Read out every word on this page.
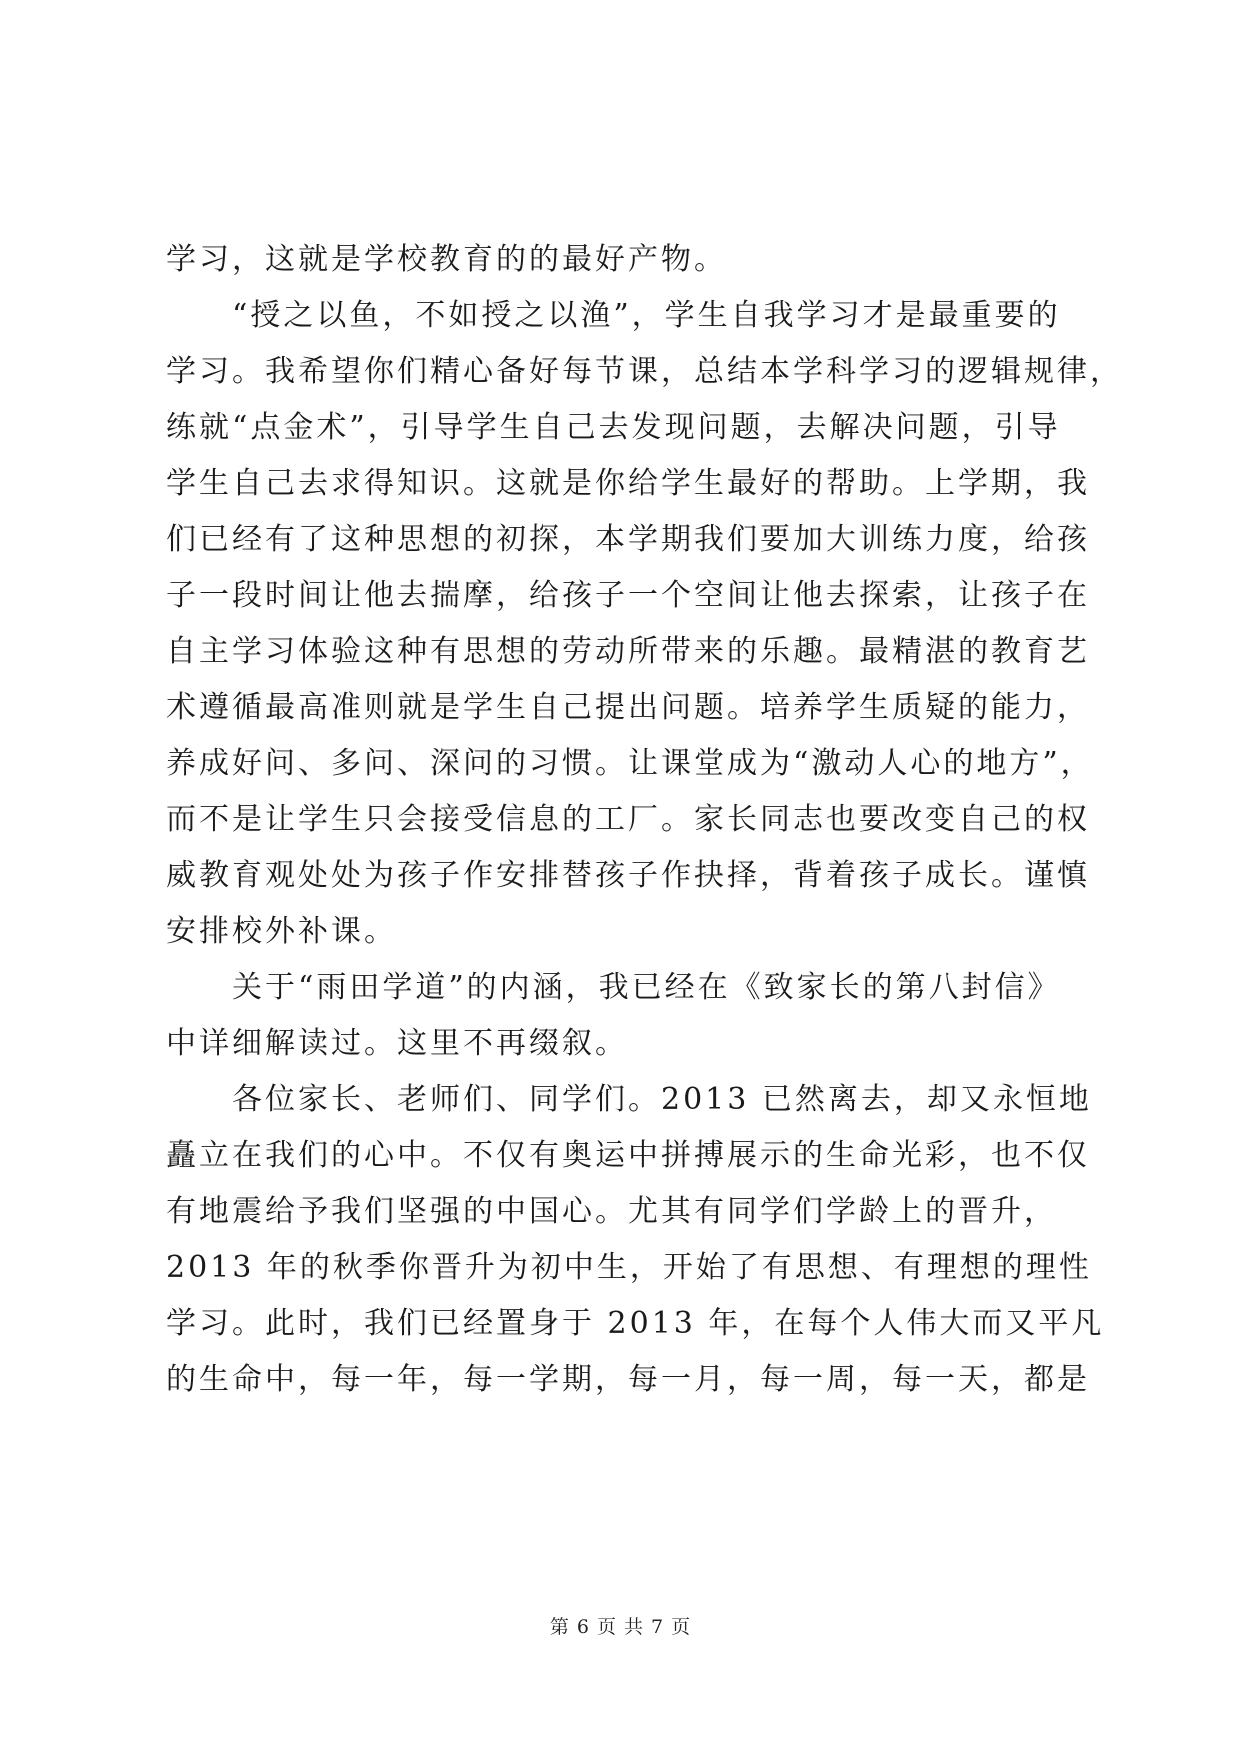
学习，这就是学校教育的的最好产物。
　　“授之以鱼，不如授之以渔”，学生自我学习才是最重要的
学习。我希望你们精心备好每节课，总结本学科学习的逻辑规律，
练就“点金术”，引导学生自己去发现问题，去解决问题，引导
学生自己去求得知识。这就是你给学生最好的帮助。上学期，我
们已经有了这种思想的初探，本学期我们要加大训练力度，给孩
子一段时间让他去揣摩，给孩子一个空间让他去探索，让孩子在
自主学习体验这种有思想的劳动所带来的乐趣。最精湛的教育艺
术遵循最高准则就是学生自己提出问题。培养学生质疑的能力，
养成好问、多问、深问的习惯。让课堂成为“激动人心的地方”，
而不是让学生只会接受信息的工厂。家长同志也要改变自己的权
威教育观处处为孩子作安排替孩子作抉择，背着孩子成长。谨慎
安排校外补课。
　　关于“雨田学道”的内涵，我已经在《致家长的第八封信》
中详细解读过。这里不再缀叙。
　　各位家长、老师们、同学们。2013 已然离去，却又永恒地
矗立在我们的心中。不仅有奥运中拼搏展示的生命光彩，也不仅
有地震给予我们坚强的中国心。尤其有同学们学龄上的晋升，
2013 年的秋季你晋升为初中生，开始了有思想、有理想的理性
学习。此时，我们已经置身于 2013 年，在每个人伟大而又平凡
的生命中，每一年，每一学期，每一月，每一周，每一天，都是
第 6 页 共 7 页
